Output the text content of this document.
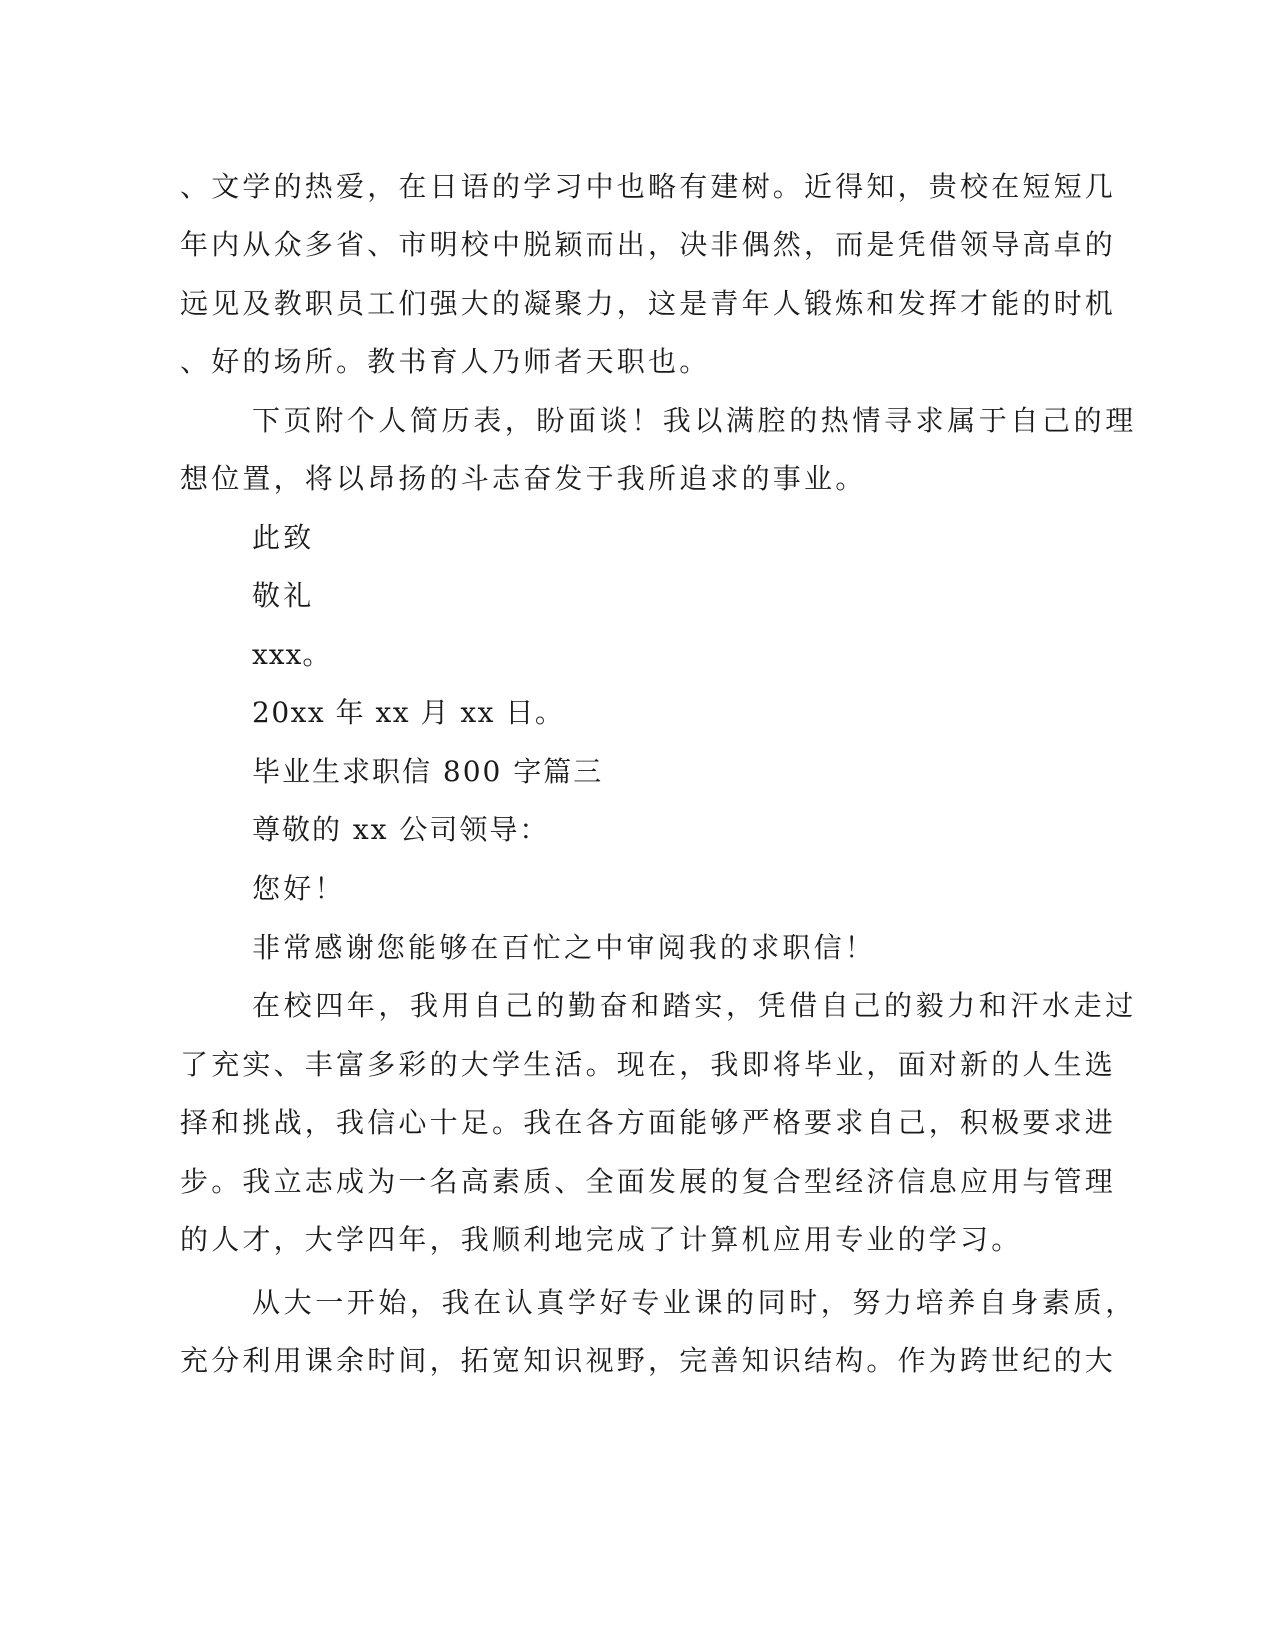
、文学的热爱，在日语的学习中也略有建树。近得知，贵校在短短几

年内从众多省、市明校中脱颖而出，决非偶然，而是凭借领导高卓的

远见及教职员工们强大的凝聚力，这是青年人锻炼和发挥才能的时机

、好的场所。教书育人乃师者天职也。

下页附个人简历表，盼面谈！我以满腔的热情寻求属于自己的理

想位置，将以昂扬的斗志奋发于我所追求的事业。

此致

敬礼

xxx。

20xx 年 xx 月 xx 日。

毕业生求职信 800 字篇三

尊敬的 xx 公司领导：

您好！

非常感谢您能够在百忙之中审阅我的求职信！

在校四年，我用自己的勤奋和踏实，凭借自己的毅力和汗水走过

了充实、丰富多彩的大学生活。现在，我即将毕业，面对新的人生选

择和挑战，我信心十足。我在各方面能够严格要求自己，积极要求进

步。我立志成为一名高素质、全面发展的复合型经济信息应用与管理

的人才，大学四年，我顺利地完成了计算机应用专业的学习。

从大一开始，我在认真学好专业课的同时，努力培养自身素质，

充分利用课余时间，拓宽知识视野，完善知识结构。作为跨世纪的大
